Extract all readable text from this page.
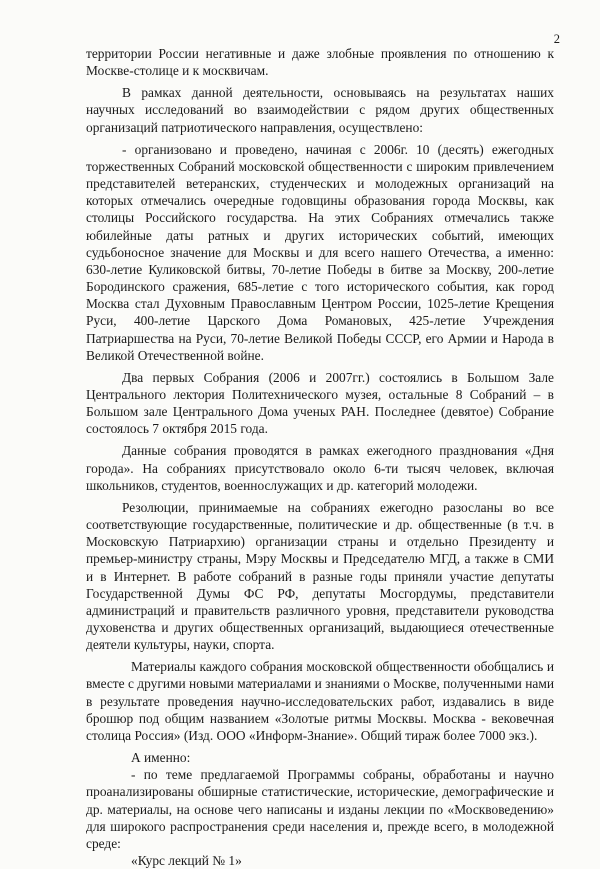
2

территории России негативные и даже злобные проявления по отношению к Москве-столице и к москвичам.

В рамках данной деятельности, основываясь на результатах наших научных исследований во взаимодействии с рядом других общественных организаций патриотического направления, осуществлено:

- организовано и проведено, начиная с 2006г. 10 (десять) ежегодных торжественных Собраний московской общественности с широким привлечением представителей ветеранских, студенческих и молодежных организаций на которых отмечались очередные годовщины образования города Москвы, как столицы Российского государства. На этих Собраниях отмечались также юбилейные даты ратных и других исторических событий, имеющих судьбоносное значение для Москвы и для всего нашего Отечества, а именно: 630-летие Куликовской битвы, 70-летие Победы в битве за Москву, 200-летие Бородинского сражения, 685-летие с того исторического события, как город Москва стал Духовным Православным Центром России, 1025-летие Крещения Руси, 400-летие Царского Дома Романовых, 425-летие Учреждения Патриаршества на Руси, 70-летие Великой Победы СССР, его Армии и Народа в Великой Отечественной войне.

Два первых Собрания (2006 и 2007гг.) состоялись в Большом Зале Центрального лектория Политехнического музея, остальные 8 Собраний – в Большом зале Центрального Дома ученых РАН. Последнее (девятое) Собрание состоялось 7 октября 2015 года.

Данные собрания проводятся в рамках ежегодного празднования «Дня города». На собраниях присутствовало около 6-ти тысяч человек, включая школьников, студентов, военнослужащих и др. категорий молодежи.

Резолюции, принимаемые на собраниях ежегодно разосланы во все соответствующие государственные, политические и др. общественные (в т.ч. в Московскую Патриархию) организации страны и отдельно Президенту и премьер-министру страны, Мэру Москвы и Председателю МГД, а также в СМИ и в Интернет. В работе собраний в разные годы приняли участие депутаты Государственной Думы ФС РФ, депутаты Мосгордумы, представители администраций и правительств различного уровня, представители руководства духовенства и других общественных организаций, выдающиеся отечественные деятели культуры, науки, спорта.

Материалы каждого собрания московской общественности обобщались и вместе с другими новыми материалами и знаниями о Москве, полученными нами в результате проведения научно-исследовательских работ, издавались в виде брошюр под общим названием «Золотые ритмы Москвы. Москва - вековечная столица Россия» (Изд. ООО «Информ-Знание». Общий тираж более 7000 экз.).

А именно:

- по теме предлагаемой Программы собраны, обработаны и научно проанализированы обширные статистические, исторические, демографические и др. материалы, на основе чего написаны и изданы лекции по «Москвоведению» для широкого распространения среди населения и, прежде всего, в молодежной среде:

«Курс лекций № 1»
